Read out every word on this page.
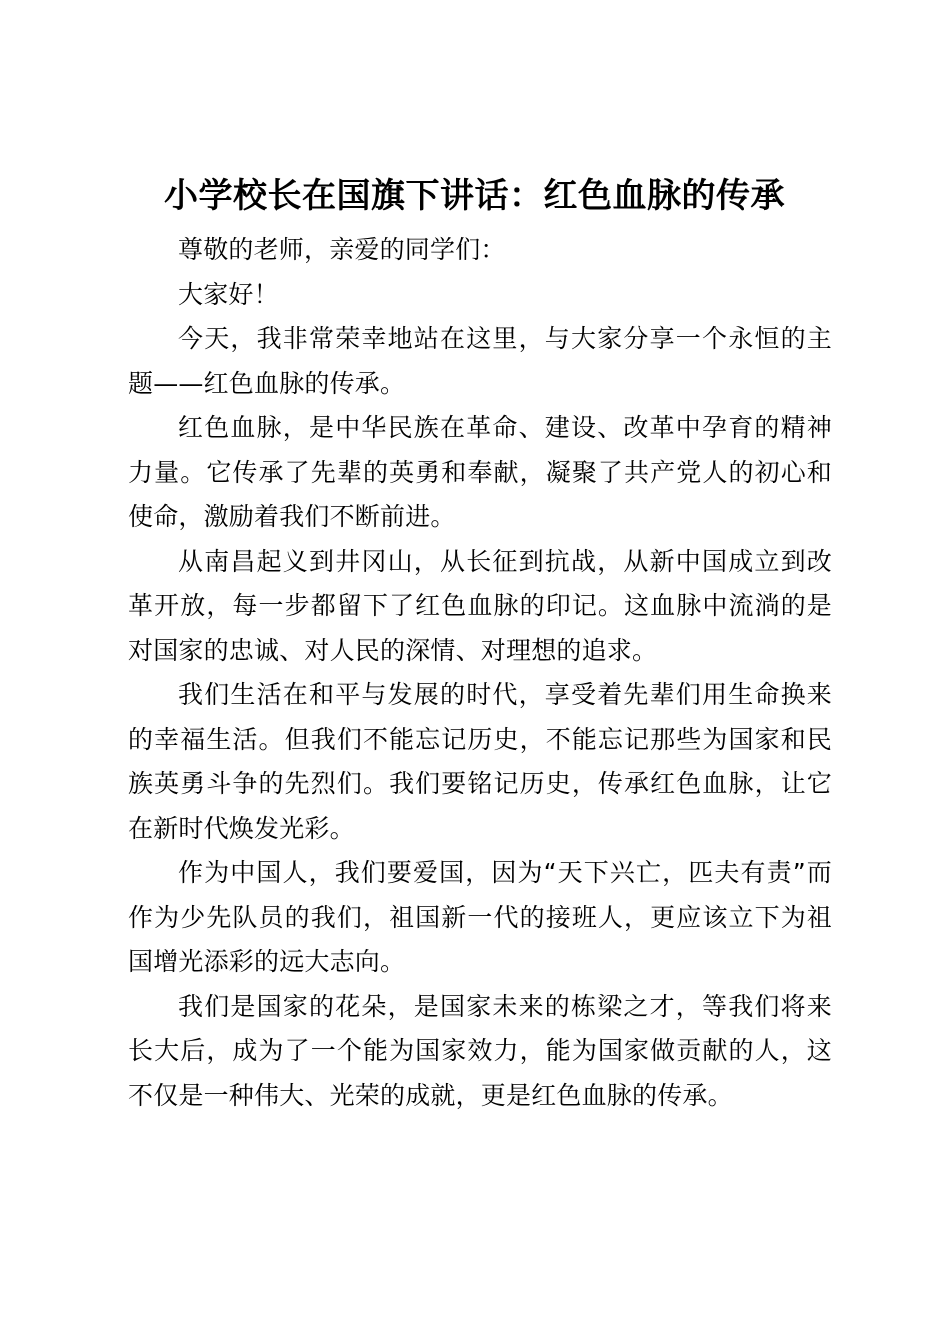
小学校长在国旗下讲话：红色血脉的传承

尊敬的老师，亲爱的同学们：

大家好！

今天，我非常荣幸地站在这里，与大家分享一个永恒的主题——红色血脉的传承。

红色血脉，是中华民族在革命、建设、改革中孕育的精神力量。它传承了先辈的英勇和奉献，凝聚了共产党人的初心和使命，激励着我们不断前进。

从南昌起义到井冈山，从长征到抗战，从新中国成立到改革开放，每一步都留下了红色血脉的印记。这血脉中流淌的是对国家的忠诚、对人民的深情、对理想的追求。

我们生活在和平与发展的时代，享受着先辈们用生命换来的幸福生活。但我们不能忘记历史，不能忘记那些为国家和民族英勇斗争的先烈们。我们要铭记历史，传承红色血脉，让它在新时代焕发光彩。

作为中国人，我们要爱国，因为“天下兴亡，匹夫有责”而作为少先队员的我们，祖国新一代的接班人，更应该立下为祖国增光添彩的远大志向。

我们是国家的花朵，是国家未来的栋梁之才，等我们将来长大后，成为了一个能为国家效力，能为国家做贡献的人，这不仅是一种伟大、光荣的成就，更是红色血脉的传承。
